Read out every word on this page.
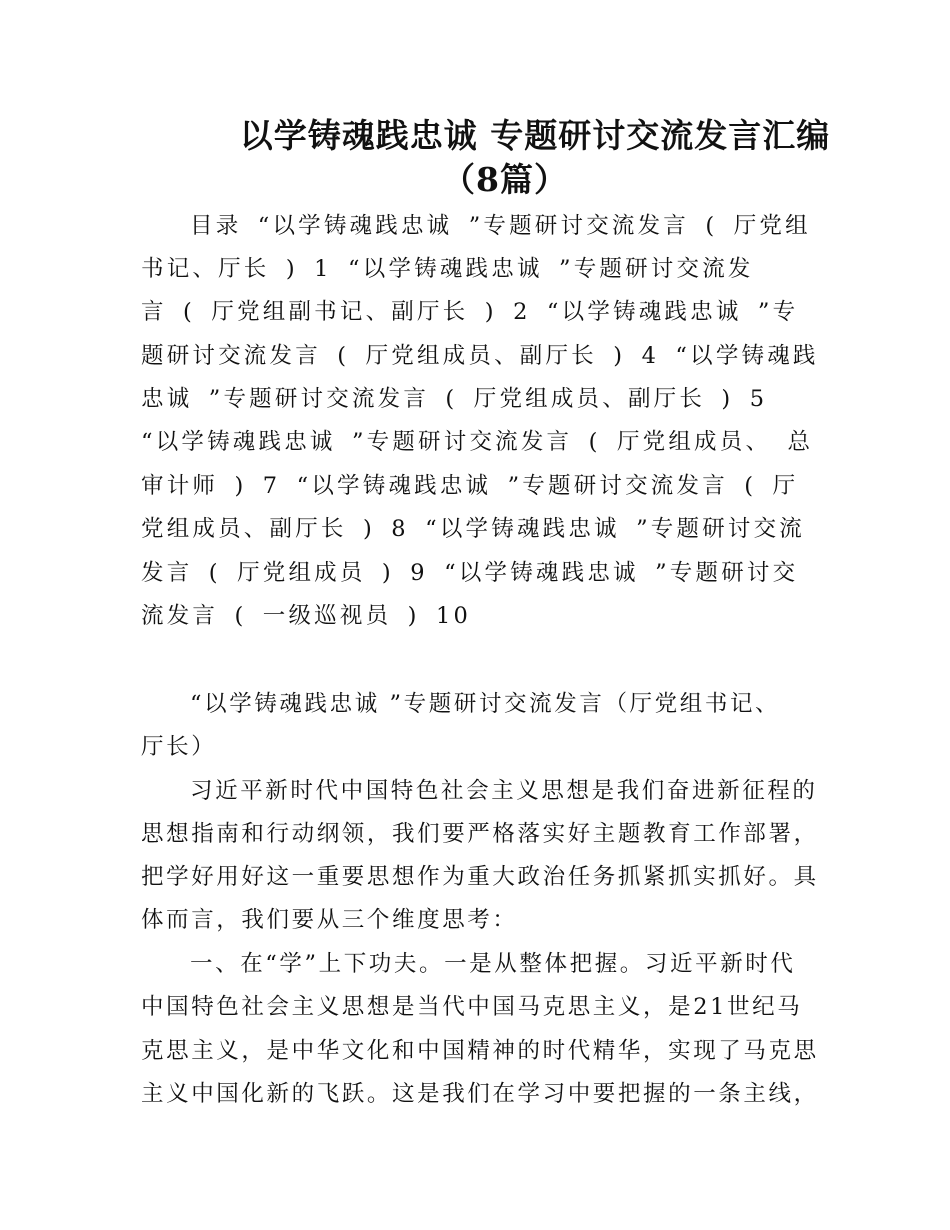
以学铸魂践忠诚 专题研讨交流发言汇编
（8篇）
目录 “以学铸魂践忠诚 ”专题研讨交流发言 ( 厅党组
书记、厅长 ) 1 “以学铸魂践忠诚 ”专题研讨交流发
言 ( 厅党组副书记、副厅长 ) 2 “以学铸魂践忠诚 ”专
题研讨交流发言 ( 厅党组成员、副厅长 ) 4 “以学铸魂践
忠诚 ”专题研讨交流发言 ( 厅党组成员、副厅长 ) 5
“以学铸魂践忠诚 ”专题研讨交流发言 ( 厅党组成员、 总
审计师 ) 7 “以学铸魂践忠诚 ”专题研讨交流发言 ( 厅
党组成员、副厅长 ) 8 “以学铸魂践忠诚 ”专题研讨交流
发言 ( 厅党组成员 ) 9 “以学铸魂践忠诚 ”专题研讨交
流发言 ( 一级巡视员 ) 10
“以学铸魂践忠诚 ”专题研讨交流发言（厅党组书记、
厅长）
习近平新时代中国特色社会主义思想是我们奋进新征程的
思想指南和行动纲领，我们要严格落实好主题教育工作部署，
把学好用好这一重要思想作为重大政治任务抓紧抓实抓好。具
体而言，我们要从三个维度思考：
一、在“学”上下功夫。一是从整体把握。习近平新时代
中国特色社会主义思想是当代中国马克思主义，是21世纪马
克思主义，是中华文化和中国精神的时代精华，实现了马克思
主义中国化新的飞跃。这是我们在学习中要把握的一条主线，
